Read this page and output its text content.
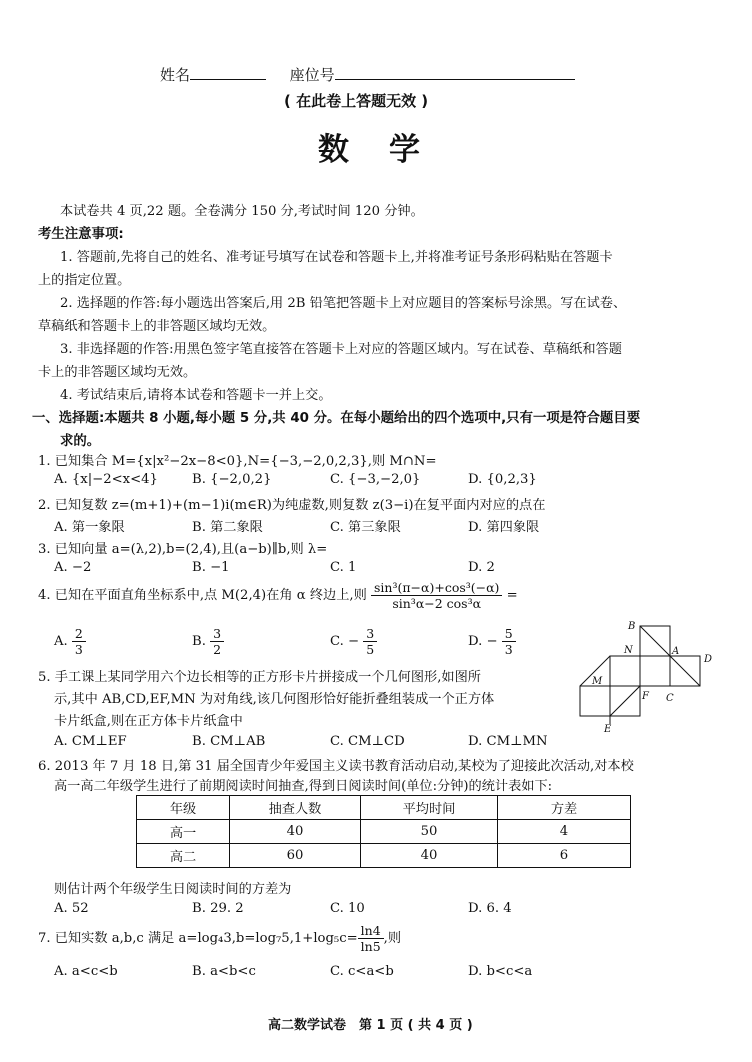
姓名	座位号
( 在此卷上答题无效 )
数学
本试卷共 4 页,22 题。全卷满分 150 分,考试时间 120 分钟。
考生注意事项:
1. 答题前,先将自己的姓名、准考证号填写在试卷和答题卡上,并将准考证号条形码粘贴在答题卡
上的指定位置。
2. 选择题的作答:每小题选出答案后,用 2B 铅笔把答题卡上对应题目的答案标号涂黑。写在试卷、
草稿纸和答题卡上的非答题区域均无效。
3. 非选择题的作答:用黑色签字笔直接答在答题卡上对应的答题区域内。写在试卷、草稿纸和答题
卡上的非答题区域均无效。
4. 考试结束后,请将本试卷和答题卡一并上交。
一、选择题:本题共 8 小题,每小题 5 分,共 40 分。在每小题给出的四个选项中,只有一项是符合题目要
求的。
1. 已知集合 M={x|x²−2x−8<0},N={−3,−2,0,2,3},则 M∩N=
A. {x|−2<x<4}	B. {−2,0,2}	C. {−3,−2,0}	D. {0,2,3}
2. 已知复数 z=(m+1)+(m−1)i(m∈R)为纯虚数,则复数 z(3−i)在复平面内对应的点在
A. 第一象限	B. 第二象限	C. 第三象限	D. 第四象限
3. 已知向量 a=(λ,2),b=(2,4),且(a−b)∥b,则 λ=
A. −2	B. −1	C. 1	D. 2
4. 已知在平面直角坐标系中,点 M(2,4)在角 α 终边上,则 $\frac{\text{sin³(π−α)+cos³(−α)}}{\text{sin³α−2 cos³α}}$ =
A. $\frac{2}{3}$	B. $\frac{3}{2}$	C. − $\frac{3}{5}$	D. − $\frac{5}{3}$
5. 手工课上某同学用六个边长相等的正方形卡片拼接成一个几何图形,如图所
示,其中 AB,CD,EF,MN 为对角线,该几何图形恰好能折叠组装成一个正方体
卡片纸盒,则在正方体卡片纸盒中
A. CM⊥EF	B. CM⊥AB	C. CM⊥CD	D. CM⊥MN
B
N	A
D
M
F C
E
6. 2013 年 7 月 18 日,第 31 届全国青少年爱国主义读书教育活动启动,某校为了迎接此次活动,对本校
高一高二年级学生进行了前期阅读时间抽查,得到日阅读时间(单位:分钟)的统计表如下:
年级	抽查人数	平均时间	方差
高一	40	50	4
高二	60	40	6
则估计两个年级学生日阅读时间的方差为
A. 52	B. 29. 2	C. 10	D. 6. 4
7. 已知实数 a,b,c 满足 $a=\log_43,b=\log_75,1+\log_5c= \frac{\ln 4}{\ln 5}$ ,则
A. a<c<b	B. a<b<c	C. c<a<b	D. b<c<a
高二数学试卷　第 1 页 ( 共 4 页 )
